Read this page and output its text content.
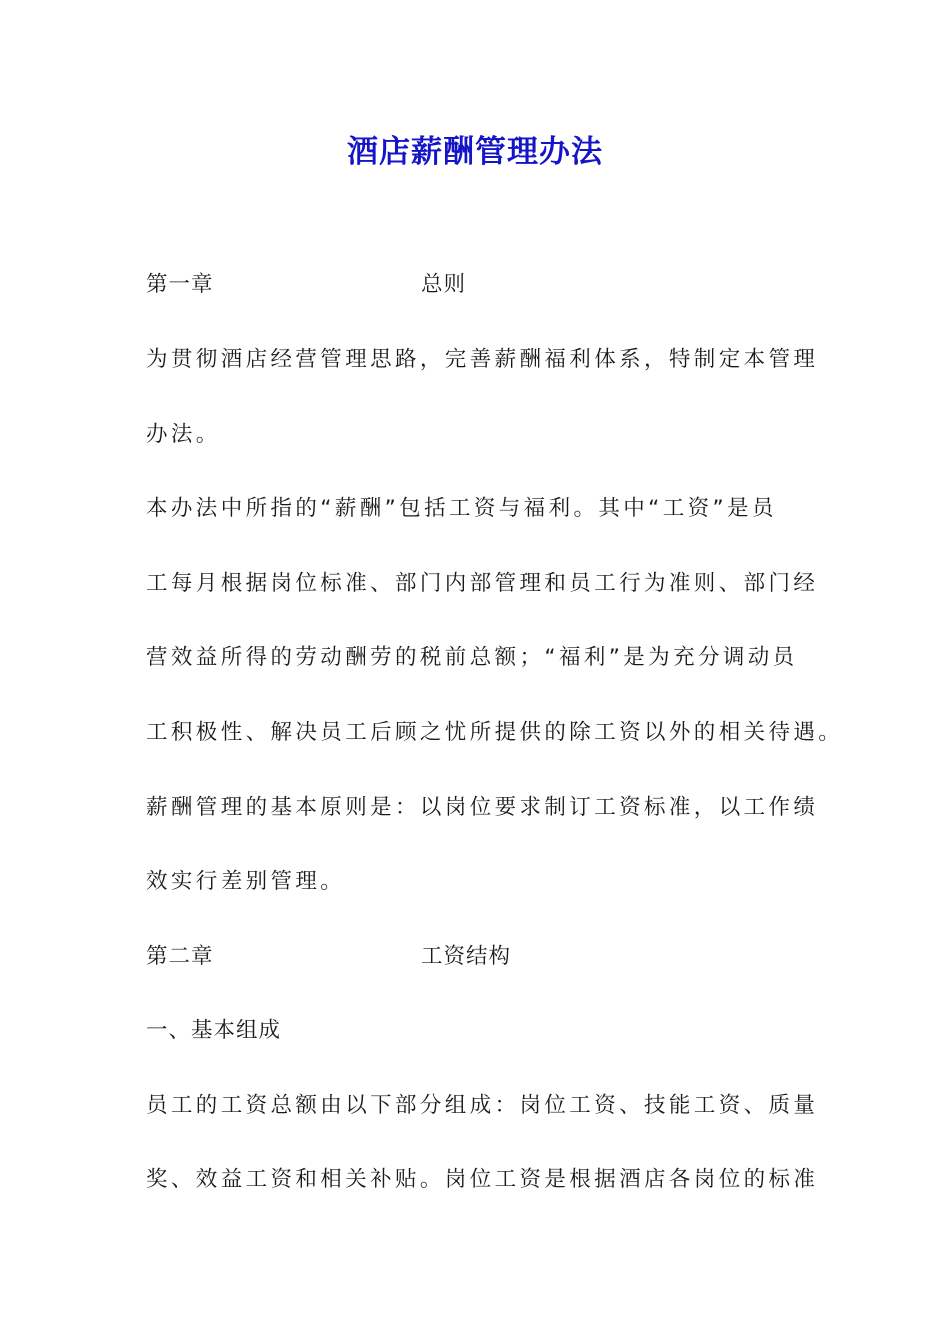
酒店薪酬管理办法
第一章	总则
为贯彻酒店经营管理思路，完善薪酬福利体系，特制定本管理
办法。
本办法中所指的“薪酬”包括工资与福利。其中“工资”是员
工每月根据岗位标准、部门内部管理和员工行为准则、部门经
营效益所得的劳动酬劳的税前总额；“福利”是为充分调动员
工积极性、解决员工后顾之忧所提供的除工资以外的相关待遇。
薪酬管理的基本原则是：以岗位要求制订工资标准，以工作绩
效实行差别管理。
第二章	工资结构
一、基本组成
员工的工资总额由以下部分组成：岗位工资、技能工资、质量
奖、效益工资和相关补贴。岗位工资是根据酒店各岗位的标准
